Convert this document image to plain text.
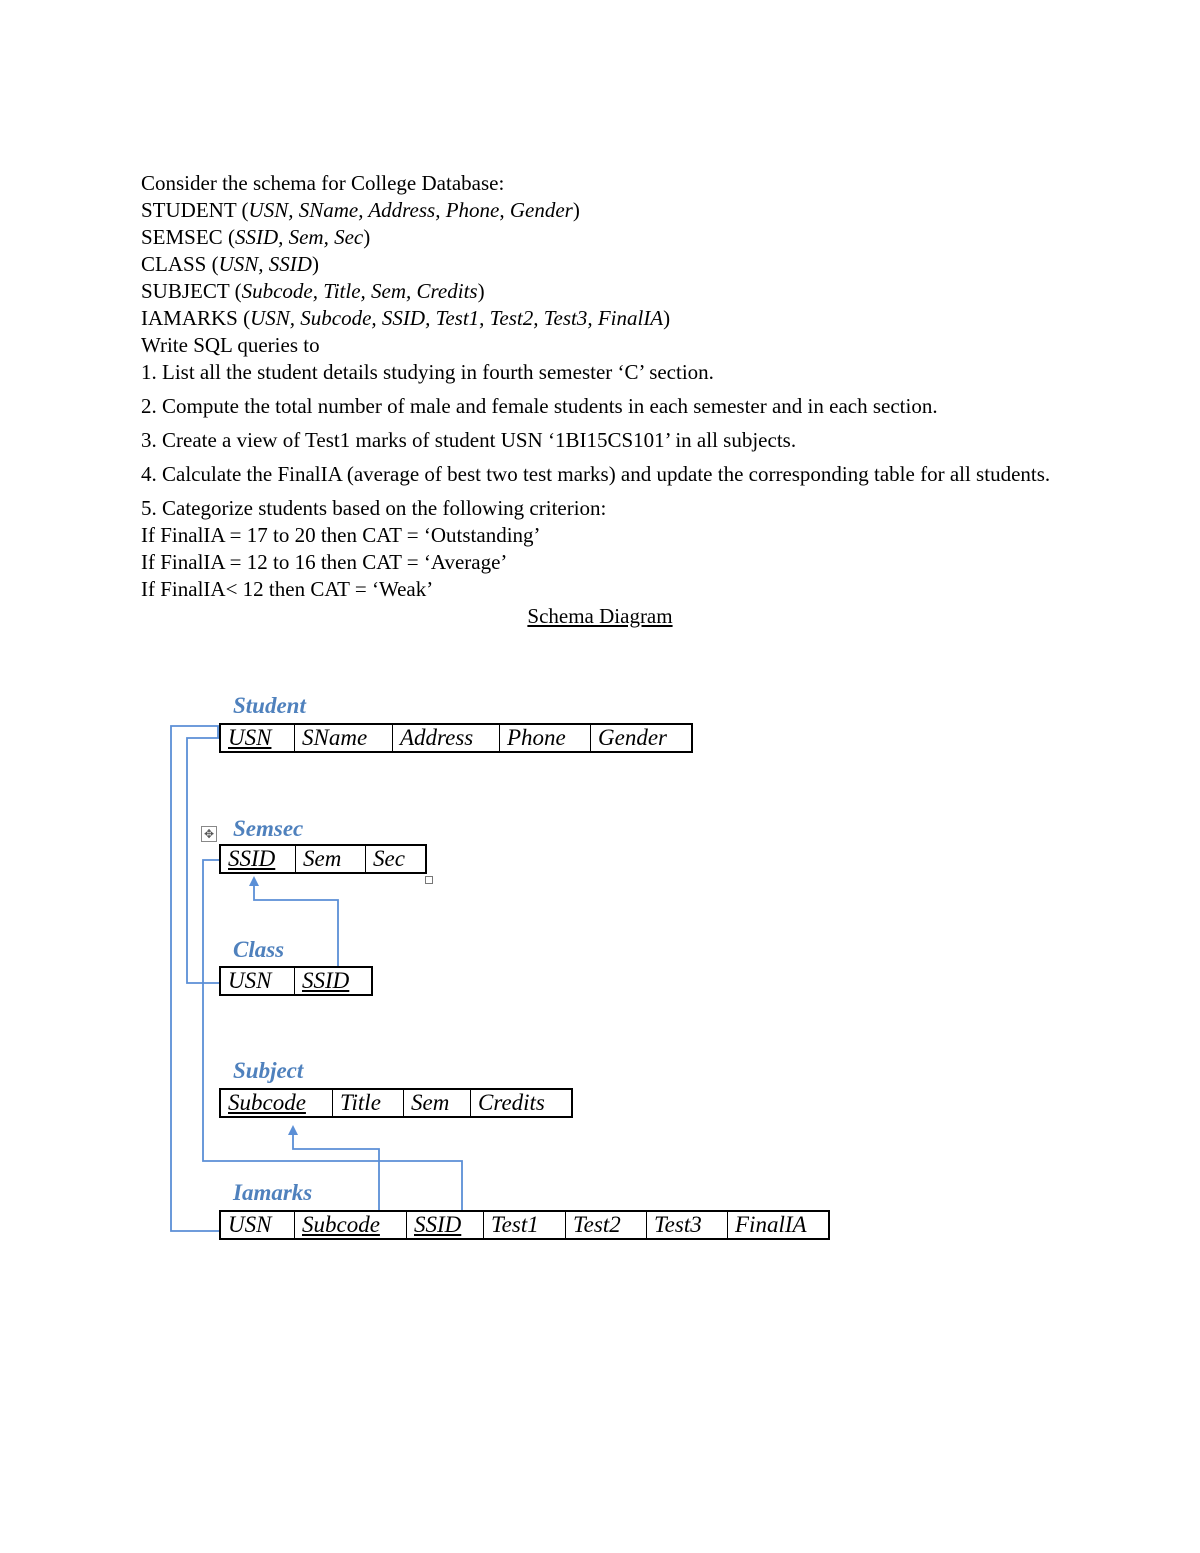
Consider the schema for College Database:
STUDENT (USN, SName, Address, Phone, Gender)
SEMSEC (SSID, Sem, Sec)
CLASS (USN, SSID)
SUBJECT (Subcode, Title, Sem, Credits)
IAMARKS (USN, Subcode, SSID, Test1, Test2, Test3, FinalIA)
Write SQL queries to
1. List all the student details studying in fourth semester ‘C’ section.
2. Compute the total number of male and female students in each semester and in each section.
3. Create a view of Test1 marks of student USN ‘1BI15CS101’ in all subjects.
4. Calculate the FinalIA (average of best two test marks) and update the corresponding table for all students.
5. Categorize students based on the following criterion:
If FinalIA = 17 to 20 then CAT = ‘Outstanding’
If FinalIA = 12 to 16 then CAT = ‘Average’
If FinalIA< 12 then CAT = ‘Weak’
Schema Diagram
Student
USN	SName	Address	Phone	Gender
✥ Semsec
SSID	Sem	Sec
Class
USN	SSID
Subject
Subcode	Title	Sem	Credits
Iamarks
USN	Subcode	SSID	Test1	Test2	Test3	FinalIA
